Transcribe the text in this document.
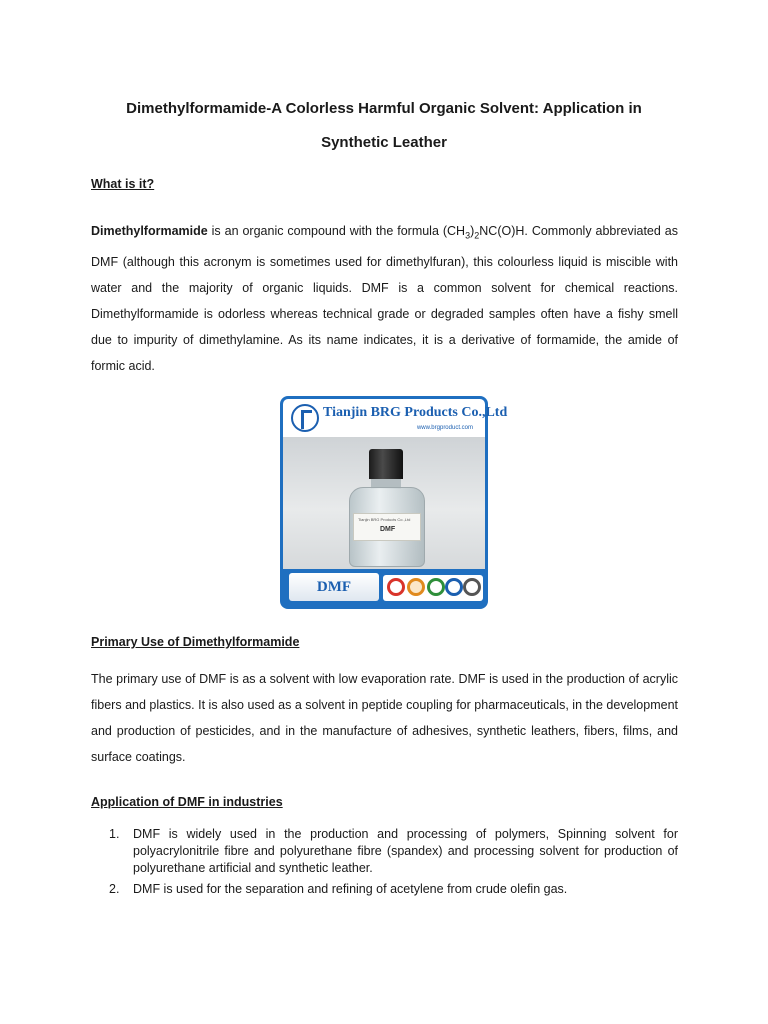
Dimethylformamide-A Colorless Harmful Organic Solvent: Application in
Synthetic Leather
What is it?
Dimethylformamide is an organic compound with the formula $(CH_3)_2NC(O)H$. Commonly abbreviated as DMF (although this acronym is sometimes used for dimethylfuran), this colourless liquid is miscible with water and the majority of organic liquids. DMF is a common solvent for chemical reactions. Dimethylformamide is odorless whereas technical grade or degraded samples often have a fishy smell due to impurity of dimethylamine. As its name indicates, it is a derivative of formamide, the amide of formic acid.
Tianjin BRG Products Co.,Ltd
www.brgproduct.com
Tianjin BRG Products Co.,Ltd
DMF
DMF
Primary Use of Dimethylformamide
The primary use of DMF is as a solvent with low evaporation rate. DMF is used in the production of acrylic fibers and plastics. It is also used as a solvent in peptide coupling for pharmaceuticals, in the development and production of pesticides, and in the manufacture of adhesives, synthetic leathers, fibers, films, and surface coatings.
Application of DMF in industries
1. DMF is widely used in the production and processing of polymers, Spinning solvent for polyacrylonitrile fibre and polyurethane fibre (spandex) and processing solvent for production of polyurethane artificial and synthetic leather.
2. DMF is used for the separation and refining of acetylene from crude olefin gas.
